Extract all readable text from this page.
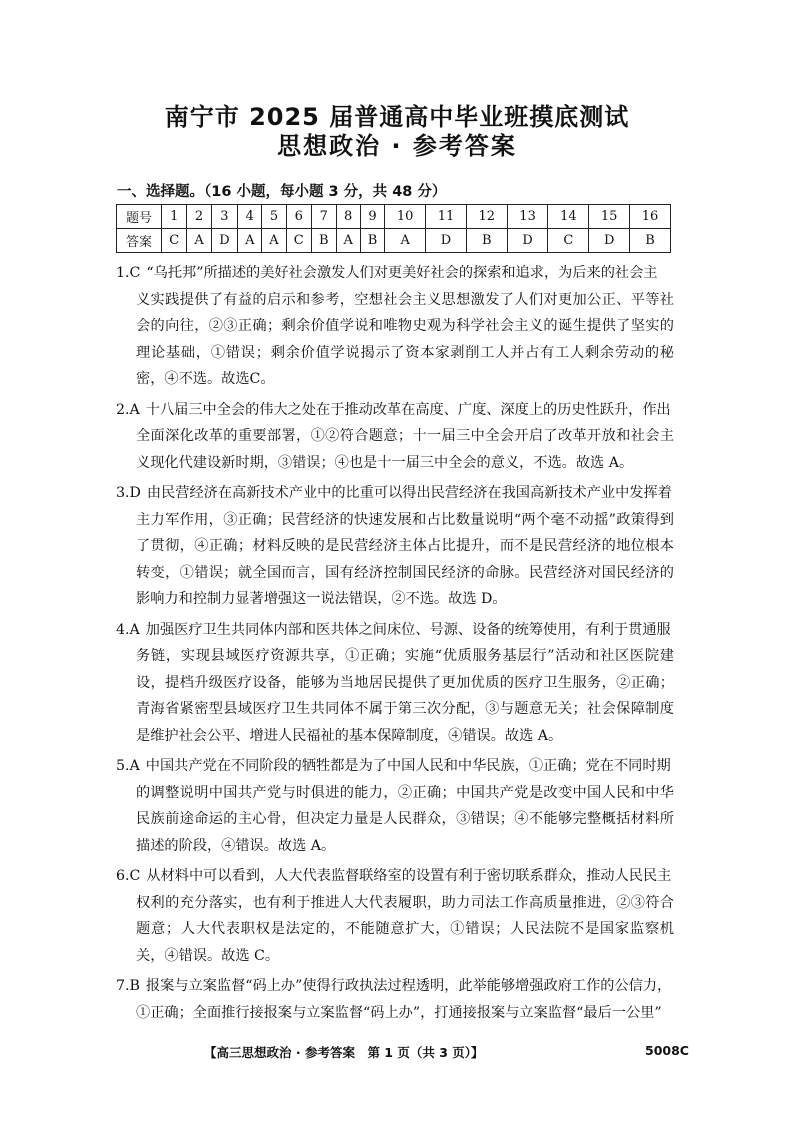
南宁市 2025 届普通高中毕业班摸底测试
思想政治 · 参考答案
一、选择题。（16 小题，每小题 3 分，共 48 分）
题号	1	2	3	4	5	6	7	8	9	10	11	12	13	14	15	16
答案	C	A	D	A	A	C	B	A	B	A	D	B	D	C	D	B
1.C “乌托邦”所描述的美好社会激发人们对更美好社会的探索和追求，为后来的社会主
义实践提供了有益的启示和参考，空想社会主义思想激发了人们对更加公正、平等社会的向往，②③正确；剩余价值学说和唯物史观为科学社会主义的诞生提供了坚实的理论基础，①错误；剩余价值学说揭示了资本家剥削工人并占有工人剩余劳动的秘密，④不选。故选C。
2.A 十八届三中全会的伟大之处在于推动改革在高度、广度、深度上的历史性跃升，作出
全面深化改革的重要部署，①②符合题意；十一届三中全会开启了改革开放和社会主义现化代建设新时期，③错误；④也是十一届三中全会的意义，不选。故选 A。
3.D 由民营经济在高新技术产业中的比重可以得出民营经济在我国高新技术产业中发挥着
主力军作用，③正确；民营经济的快速发展和占比数量说明“两个毫不动摇”政策得到了贯彻，④正确；材料反映的是民营经济主体占比提升，而不是民营经济的地位根本转变，①错误；就全国而言，国有经济控制国民经济的命脉。民营经济对国民经济的影响力和控制力显著增强这一说法错误，②不选。故选 D。
4.A 加强医疗卫生共同体内部和医共体之间床位、号源、设备的统筹使用，有利于贯通服
务链，实现县域医疗资源共享，①正确；实施“优质服务基层行”活动和社区医院建设，提档升级医疗设备，能够为当地居民提供了更加优质的医疗卫生服务，②正确；青海省紧密型县域医疗卫生共同体不属于第三次分配，③与题意无关；社会保障制度是维护社会公平、增进人民福祉的基本保障制度，④错误。故选 A。
5.A 中国共产党在不同阶段的牺牲都是为了中国人民和中华民族，①正确；党在不同时期
的调整说明中国共产党与时俱进的能力，②正确；中国共产党是改变中国人民和中华民族前途命运的主心骨，但决定力量是人民群众，③错误；④不能够完整概括材料所描述的阶段，④错误。故选 A。
6.C 从材料中可以看到，人大代表监督联络室的设置有利于密切联系群众，推动人民民主
权利的充分落实，也有利于推进人大代表履职，助力司法工作高质量推进，②③符合题意；人大代表职权是法定的，不能随意扩大，①错误；人民法院不是国家监察机关，④错误。故选 C。
7.B 报案与立案监督“码上办”使得行政执法过程透明，此举能够增强政府工作的公信力，
①正确；全面推行接报案与立案监督“码上办”，打通接报案与立案监督“最后一公里”
【高三思想政治 · 参考答案　第 1 页（共 3 页）】	5008C
